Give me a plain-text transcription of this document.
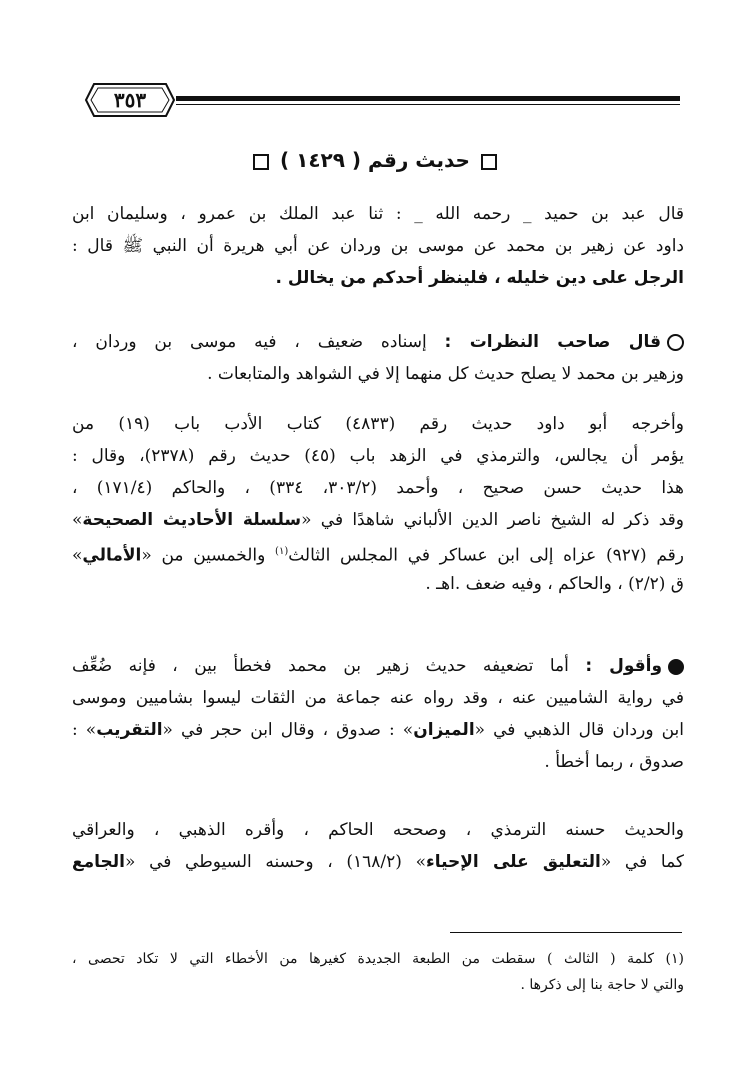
٣٥٣
حديث رقم ( ١٤٢٩ )
قال عبد بن حميد _ رحمه الله _ : ثنا عبد الملك بن عمرو ، وسليمان ابن
داود عن زهير بن محمد عن موسى بن وردان عن أبي هريرة أن النبي ﷺ قال :
الرجل على دين خليله ، فلينظر أحدكم من يخالل .
قال صاحب النظرات : إسناده ضعيف ، فيه موسى بن وردان ،
وزهير بن محمد لا يصلح حديث كل منهما إلا في الشواهد والمتابعات .
وأخرجه أبو داود حديث رقم (٤٨٣٣) كتاب الأدب باب (١٩) من
يؤمر أن يجالس، والترمذي في الزهد باب (٤٥) حديث رقم (٢٣٧٨)، وقال :
هذا حديث حسن صحيح ، وأحمد (٣٠٣/٢، ٣٣٤) ، والحاكم (١٧١/٤) ،
وقد ذكر له الشيخ ناصر الدين الألباني شاهدًا في «سلسلة الأحاديث الصحيحة»
رقم (٩٢٧) عزاه إلى ابن عساكر في المجلس الثالث$^{(١)}$ والخمسين من «الأمالي»
ق (٢/٢) ، والحاكم ، وفيه ضعف .اهـ .
وأقول : أما تضعيفه حديث زهير بن محمد فخطأ بين ، فإنه ضُعِّف
في رواية الشاميين عنه ، وقد رواه عنه جماعة من الثقات ليسوا بشاميين وموسى
ابن وردان قال الذهبي في «الميزان» : صدوق ، وقال ابن حجر في «التقريب» :
صدوق ، ربما أخطأ .
والحديث حسنه الترمذي ، وصححه الحاكم ، وأقره الذهبي ، والعراقي
كما في «التعليق على الإحياء» (١٦٨/٢) ، وحسنه السيوطي في «الجامع
(١) كلمة ( الثالث ) سقطت من الطبعة الجديدة كغيرها من الأخطاء التي لا تكاد تحصى ،
والتي لا حاجة بنا إلى ذكرها .
